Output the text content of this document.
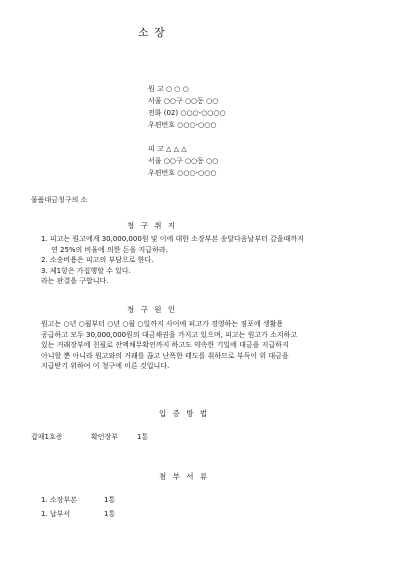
소 장
원 고 ○ ○ ○
서울 ○○구 ○○동 ○○
전화 (02) ○○○-○○○○
우편번호 ○○○-○○○
피 고 △ △ △
서울 ○○구 ○○동 ○○
우편번호 ○○○-○○○
물품대금청구의 소
청 구 취 지
1. 피고는 원고에게 30,000,000원 및 이에 대한 소장부본 송달다음날부터 갚을때까지
연 25%의 비율에 의한 돈을 지급하라.
2. 소송비용은 피고의 부담으로 한다.
3. 제1항은 가집행할 수 있다.
라는 판결을 구합니다.
청 구 원 인
원고는 ○년 ○월부터 ○년 ○월 ○일까지 사이에 피고가 경영하는 점포에 생활용
공급하고 모두 30,000,000원의 대금채권을 가지고 있으며, 피고는 원고가 소지하고
있는 거래장부에 친필로 잔액채무확인까지 하고도 약속한 기일에 대금을 지급하지
아니할 뿐 아니라 원고와의 거래를 끊고 난폭한 태도를 취하므로 부득이 위 대금을
지급받기 위하여 이 청구에 이른 것입니다.
입 증 방 법
갑제1호증	확인장부	1통
첨 부 서 류
1. 소장부본	1통
1. 납부서	1통
